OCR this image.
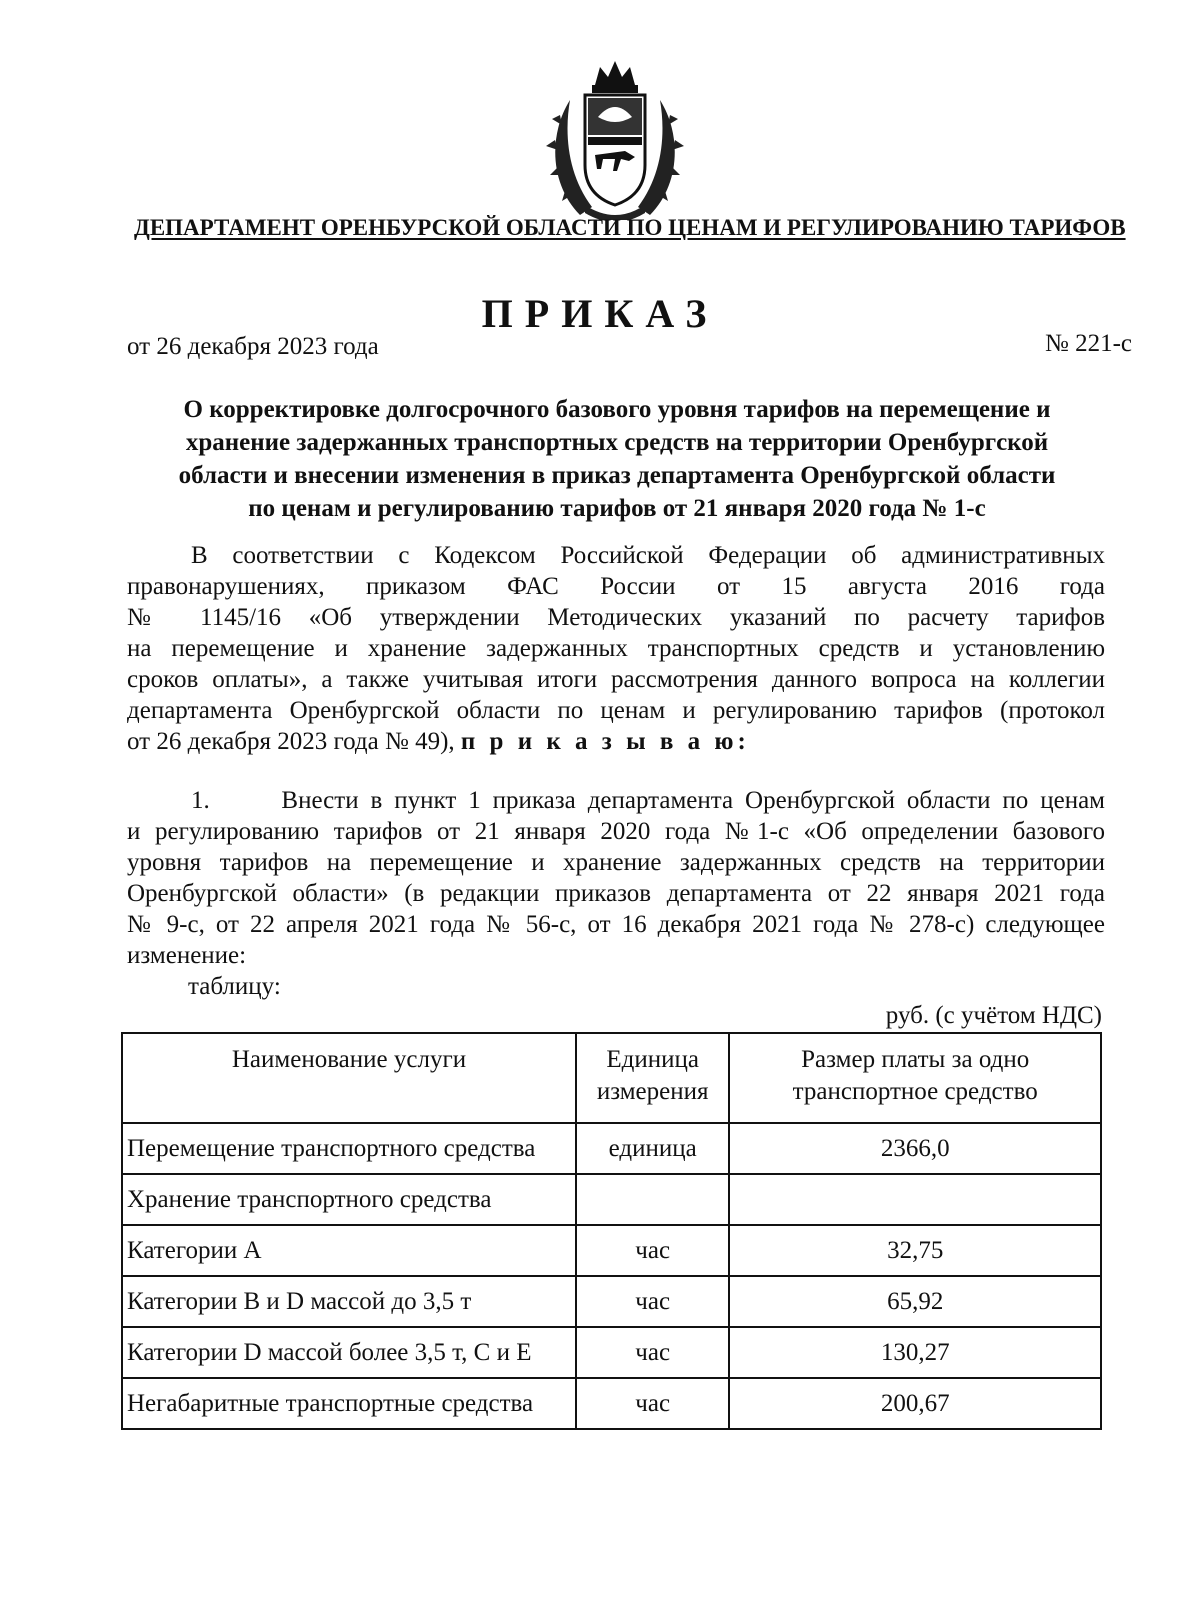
ДЕПАРТАМЕНТ ОРЕНБУРСКОЙ ОБЛАСТИ ПО ЦЕНАМ И РЕГУЛИРОВАНИЮ ТАРИФОВ
ПРИКАЗ
от 26 декабря 2023 года	№ 221-с
О корректировке долгосрочного базового уровня тарифов на перемещение и
хранение задержанных транспортных средств на территории Оренбургской
области и внесении изменения в приказ департамента Оренбургской области
по ценам и регулированию тарифов от 21 января 2020 года № 1-с
В соответствии с Кодексом Российской Федерации об административных
правонарушениях, приказом ФАС России от 15 августа 2016 года
№ 1145/16 «Об утверждении Методических указаний по расчету тарифов
на перемещение и хранение задержанных транспортных средств и установлению
сроков оплаты», а также учитывая итоги рассмотрения данного вопроса на коллегии
департамента Оренбургской области по ценам и регулированию тарифов (протокол
от 26 декабря 2023 года № 49), п р и к а з ы в а ю:
1.      Внести в пункт 1 приказа департамента Оренбургской области по ценам
и регулированию тарифов от 21 января 2020 года №1-с «Об определении базового
уровня тарифов на перемещение и хранение задержанных средств на территории
Оренбургской области» (в редакции приказов департамента от 22 января 2021 года
№ 9-с, от 22 апреля 2021 года № 56-с, от 16 декабря 2021 года № 278-с) следующее
изменение:
таблицу:
руб. (с учётом НДС)
Наименование услуги	Единица измерения	Размер платы за одно транспортное средство
Перемещение транспортного средства	единица	2366,0
Хранение транспортного средства		
Категории А	час	32,75
Категории В и D массой до 3,5 т	час	65,92
Категории D массой более 3,5 т, С и Е	час	130,27
Негабаритные транспортные средства	час	200,67
